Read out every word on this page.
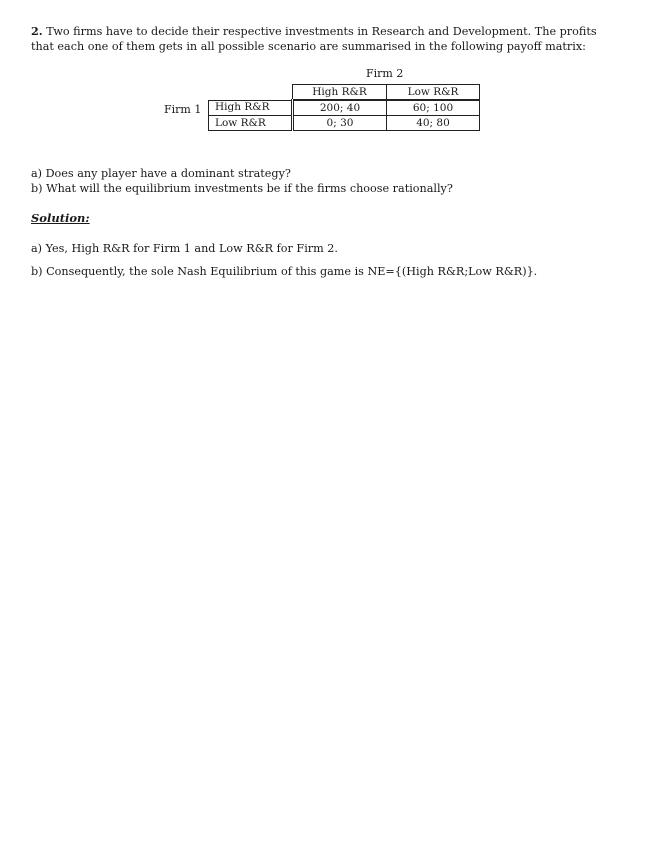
2. Two firms have to decide their respective investments in Research and Development. The profits that each one of them gets in all possible scenario are summarised in the following payoff matrix:
Firm 2
Firm 1
	High R&R	Low R&R
High R&R	200; 40	60; 100
Low R&R	0; 30	40; 80

a) Does any player have a dominant strategy?

b) What will the equilibrium investments be if the firms choose rationally?

Solution:

a) Yes, High R&R for Firm 1 and Low R&R for Firm 2.

b) Consequently, the sole Nash Equilibrium of this game is NE={(High R&R;Low R&R)}.
